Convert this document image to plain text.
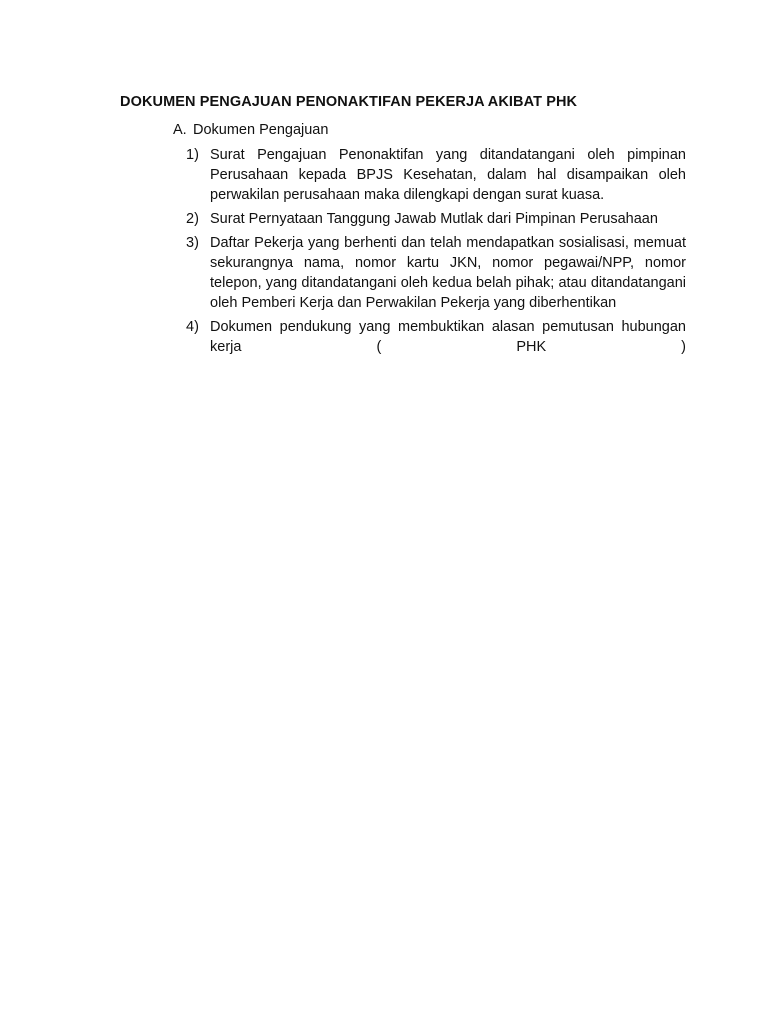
DOKUMEN PENGAJUAN PENONAKTIFAN PEKERJA AKIBAT PHK
A. Dokumen Pengajuan
1) Surat Pengajuan Penonaktifan yang ditandatangani oleh pimpinan Perusahaan kepada BPJS Kesehatan, dalam hal disampaikan oleh perwakilan perusahaan maka dilengkapi dengan surat kuasa.
2) Surat Pernyataan Tanggung Jawab Mutlak dari Pimpinan Perusahaan
3) Daftar Pekerja yang berhenti dan telah mendapatkan sosialisasi, memuat sekurangnya nama, nomor kartu JKN, nomor pegawai/NPP, nomor telepon, yang ditandatangani oleh kedua belah pihak; atau ditandatangani oleh Pemberi Kerja dan Perwakilan Pekerja yang diberhentikan
4) Dokumen pendukung yang membuktikan alasan pemutusan hubungan kerja ( PHK )
